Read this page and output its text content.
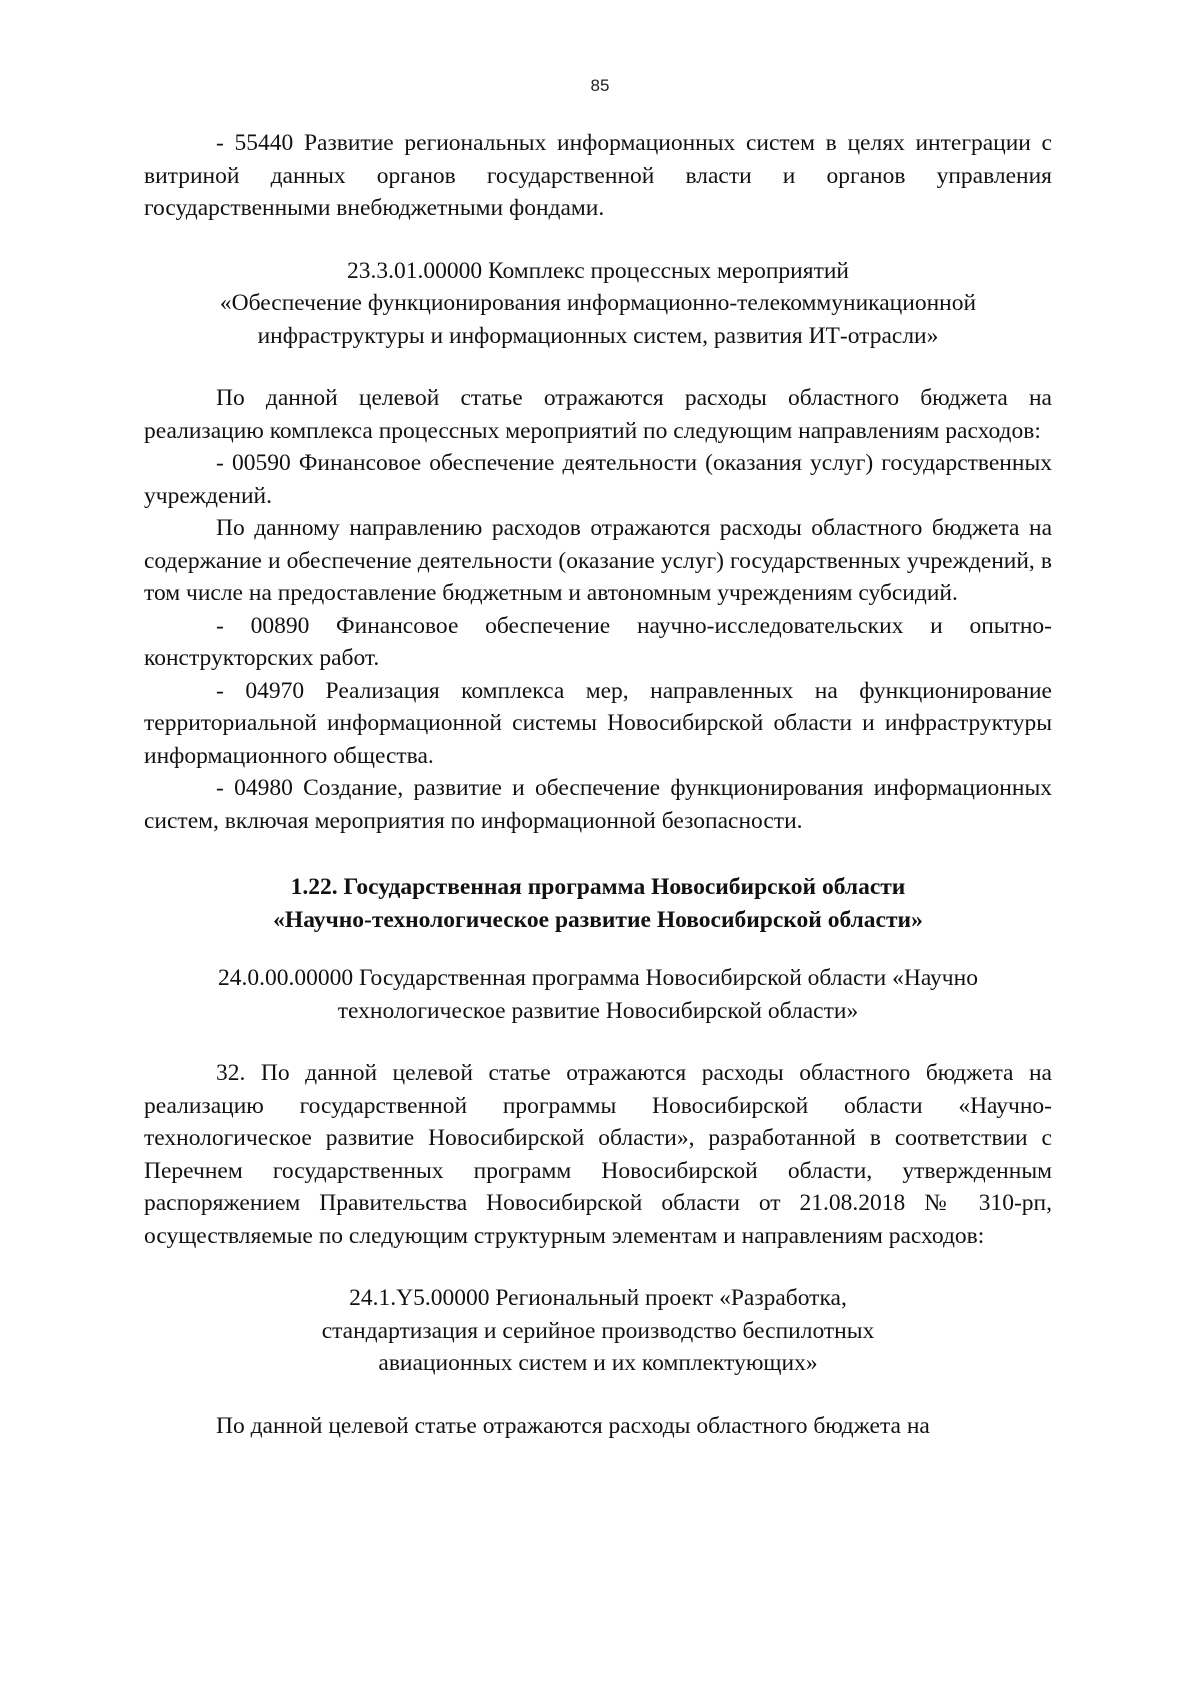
85

- 55440 Развитие региональных информационных систем в целях интеграции с витриной данных органов государственной власти и органов управления государственными внебюджетными фондами.

23.3.01.00000 Комплекс процессных мероприятий

«Обеспечение функционирования информационно-телекоммуникационной

инфраструктуры и информационных систем, развития ИТ-отрасли»

По данной целевой статье отражаются расходы областного бюджета на реализацию комплекса процессных мероприятий по следующим направлениям расходов:

- 00590 Финансовое обеспечение деятельности (оказания услуг) государственных учреждений.

По данному направлению расходов отражаются расходы областного бюджета на содержание и обеспечение деятельности (оказание услуг) государственных учреждений, в том числе на предоставление бюджетным и автономным учреждениям субсидий.

- 00890 Финансовое обеспечение научно-исследовательских и опытно-конструкторских работ.

- 04970 Реализация комплекса мер, направленных на функционирование территориальной информационной системы Новосибирской области и инфраструктуры информационного общества.

- 04980 Создание, развитие и обеспечение функционирования информационных систем, включая мероприятия по информационной безопасности.

1.22. Государственная программа Новосибирской области

«Научно-технологическое развитие Новосибирской области»

24.0.00.00000 Государственная программа Новосибирской области «Научно

технологическое развитие Новосибирской области»

32. По данной целевой статье отражаются расходы областного бюджета на реализацию государственной программы Новосибирской области «Научно-технологическое развитие Новосибирской области», разработанной в соответствии с Перечнем государственных программ Новосибирской области, утвержденным распоряжением Правительства Новосибирской области от 21.08.2018 № 310-рп, осуществляемые по следующим структурным элементам и направлениям расходов:

24.1.Y5.00000 Региональный проект «Разработка,

стандартизация и серийное производство беспилотных

авиационных систем и их комплектующих»

По данной целевой статье отражаются расходы областного бюджета на
